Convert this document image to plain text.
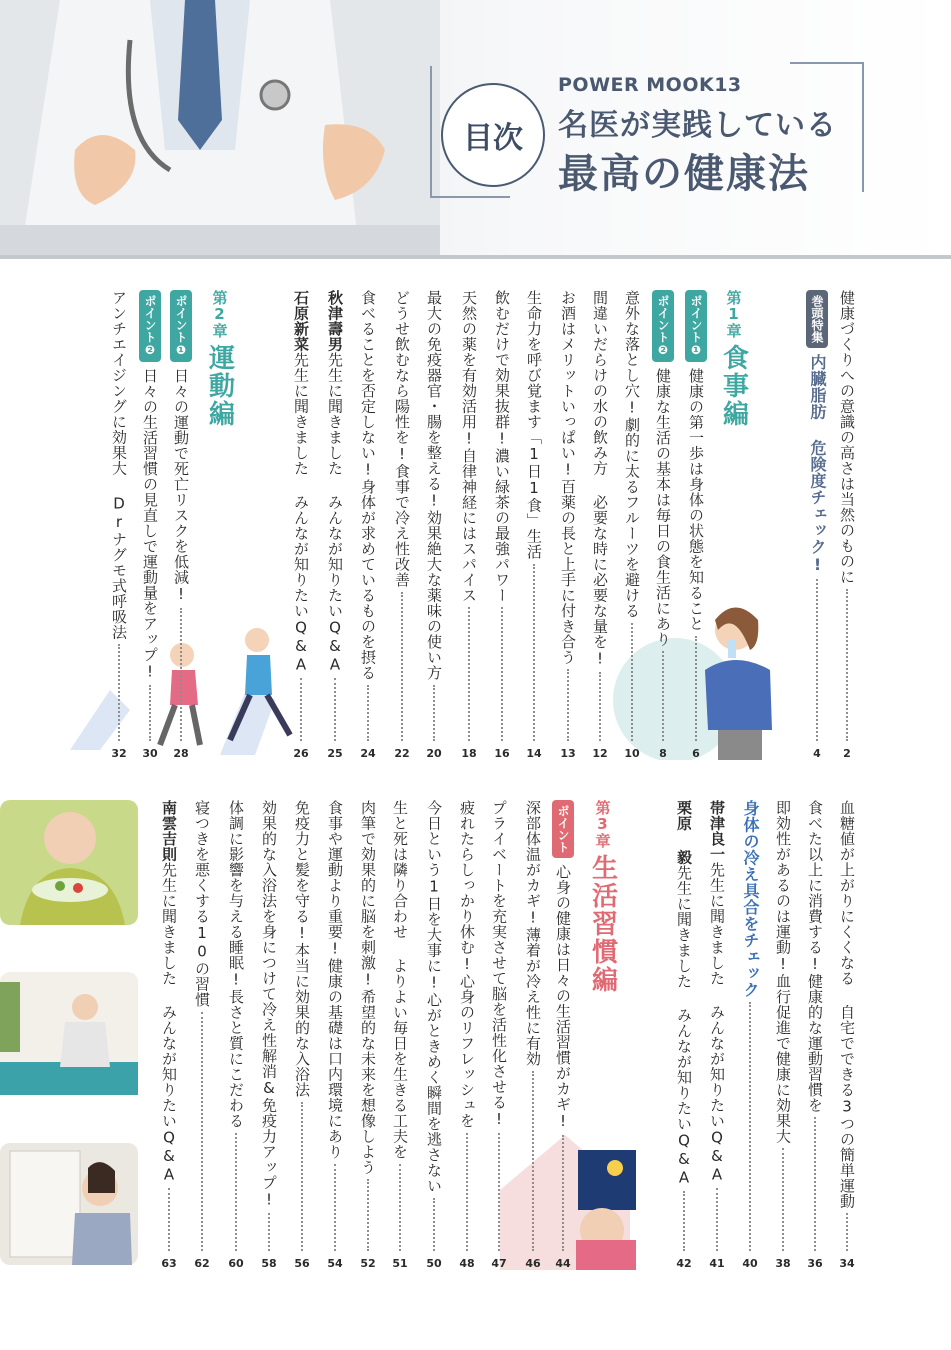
目次
POWER MOOK13
名医が実践している
最高の健康法
健康づくりへの意識の高さは当然のものに
2
巻頭特集
内臓脂肪 危険度チェック!
4
第1章
食事編
ポイント❶
健康の第一歩は身体の状態を知ること
6
ポイント❷
健康な生活の基本は毎日の食生活にあり
8
意外な落とし穴!劇的に太るフルーツを避ける
10
間違いだらけの水の飲み方 必要な時に必要な量を!
12
お酒はメリットいっぱい!百薬の長と上手に付き合う
13
生命力を呼び覚ます「1日1食」生活
14
飲むだけで効果抜群!濃い緑茶の最強パワー
16
天然の薬を有効活用!自律神経にはスパイス
18
最大の免疫器官・腸を整える!効果絶大な薬味の使い方
20
どうせ飲むなら陽性を!食事で冷え性改善
22
食べることを否定しない!身体が求めているものを摂る
24
秋津壽男
先生に聞きました みんなが知りたいQ&A
25
石原新菜
先生に聞きました みんなが知りたいQ&A
26
第2章
運動編
ポイント❶
日々の運動で死亡リスクを低減!
28
ポイント❷
日々の生活習慣の見直しで運動量をアップ!
30
アンチエイジングに効果大 Drナグモ式呼吸法
32
血糖値が上がりにくくなる 自宅でできる3つの簡単運動
34
食べた以上に消費する!健康的な運動習慣を
36
即効性があるのは運動!血行促進で健康に効果大
38
身体の冷え具合をチェック
40
帯津良一
先生に聞きました みんなが知りたいQ&A
41
栗原 毅
先生に聞きました みんなが知りたいQ&A
42
第3章
生活習慣編
ポイント
心身の健康は日々の生活習慣がカギ!
44
深部体温がカギ!薄着が冷え性に有効
46
プライベートを充実させて脳を活性化させる!
47
疲れたらしっかり休む!心身のリフレッシュを
48
今日という1日を大事に!心がときめく瞬間を逃さない
50
生と死は隣り合わせ よりよい毎日を生きる工夫を
51
肉筆で効果的に脳を刺激!希望的な未来を想像しよう
52
食事や運動より重要!健康の基礎は口内環境にあり
54
免疫力と髪を守る!本当に効果的な入浴法
56
効果的な入浴法を身につけて冷え性解消&免疫力アップ!
58
体調に影響を与える睡眠!長さと質にこだわる
60
寝つきを悪くする10の習慣
62
南雲吉則
先生に聞きました みんなが知りたいQ&A
63
